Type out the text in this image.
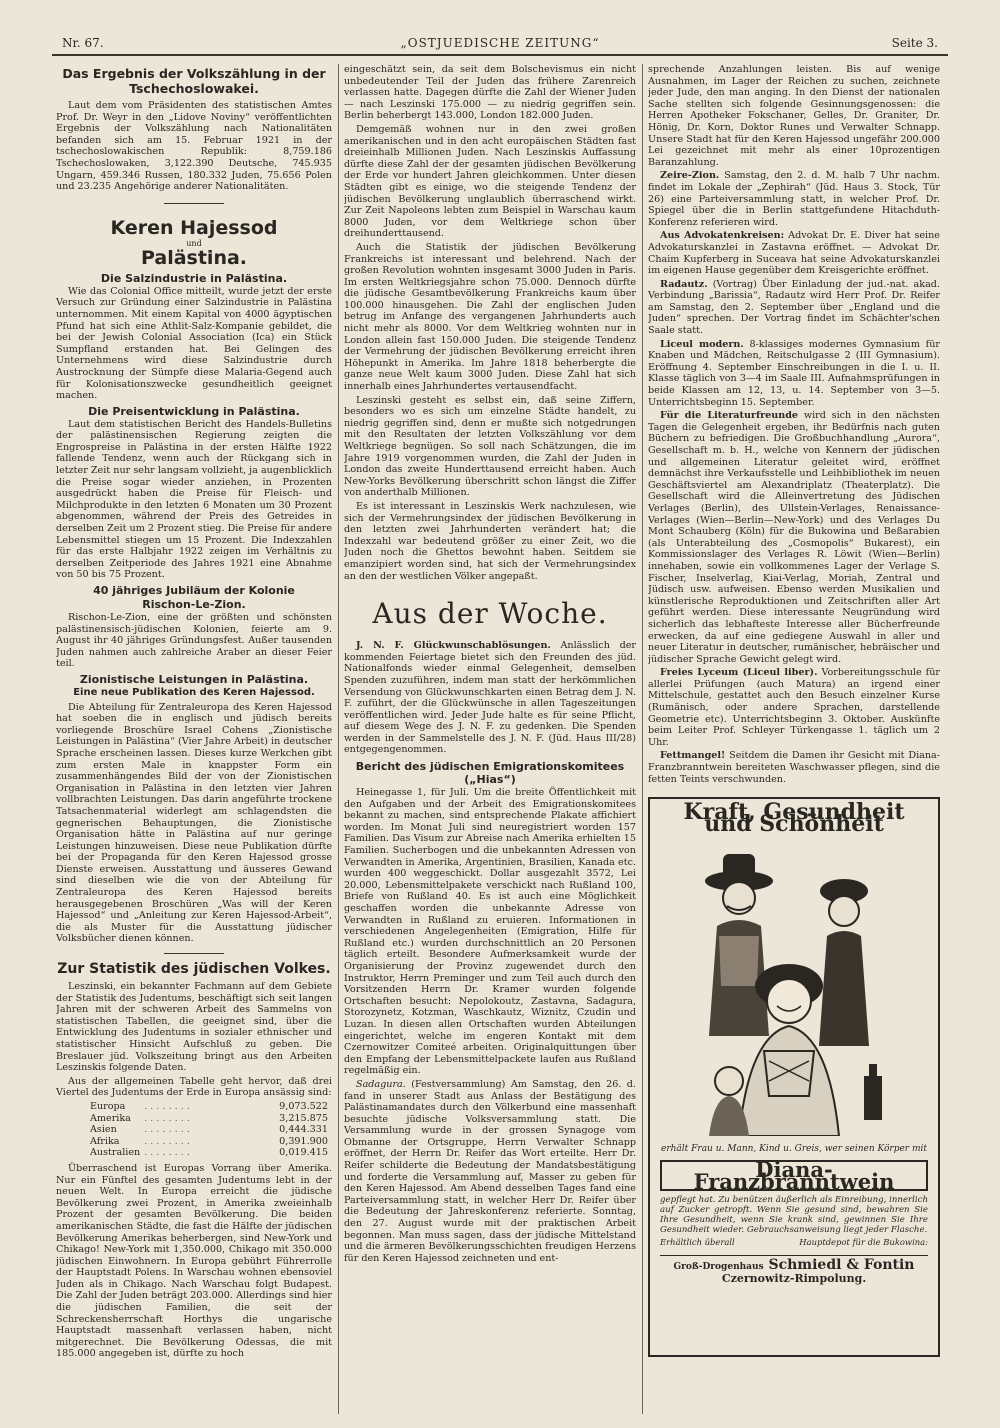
Nr. 67.	„OSTJUEDISCHE ZEITUNG“	Seite 3.
Das Ergebnis der Volkszählung in der Tschechoslowakei.

Laut dem vom Präsidenten des statistischen Amtes Prof. Dr. Weyr in den „Lidove Noviny“ veröffentlichten Ergebnis der Volkszählung nach Nationalitäten befanden sich am 15. Februar 1921 in der tschechoslowakischen Republik: 8,759.186 Tschechoslowaken, 3,122.390 Deutsche, 745.935 Ungarn, 459.346 Russen, 180.332 Juden, 75.656 Polen und 23.235 Angehörige anderer Nationalitäten.

Keren Hajessod
und
Palästina.
Die Salzindustrie in Palästina.

Wie das Colonial Office mitteilt, wurde jetzt der erste Versuch zur Gründung einer Salzindustrie in Palästina unternommen. Mit einem Kapital von 4000 ägyptischen Pfund hat sich eine Athlit-Salz-Kompanie gebildet, die bei der Jewish Colonial Association (Ica) ein Stück Sumpfland erstanden hat. Bei Gelingen des Unternehmens wird diese Salzindustrie durch Austrocknung der Sümpfe diese Malaria-Gegend auch für Kolonisationszwecke gesundheitlich geeignet machen.

Die Preisentwicklung in Palästina.

Laut dem statistischen Bericht des Handels-Bulletins der palästinensischen Regierung zeigten die Engrospreise in Palästina in der ersten Hälfte 1922 fallende Tendenz, wenn auch der Rückgang sich in letzter Zeit nur sehr langsam vollzieht, ja augenblicklich die Preise sogar wieder anziehen, in Prozenten ausgedrückt haben die Preise für Fleisch- und Milchprodukte in den letzten 6 Monaten um 30 Prozent abgenommen, während der Preis des Getreides in derselben Zeit um 2 Prozent stieg. Die Preise für andere Lebensmittel stiegen um 15 Prozent. Die Indexzahlen für das erste Halbjahr 1922 zeigen im Verhältnis zu derselben Zeitperiode des Jahres 1921 eine Abnahme von 50 bis 75 Prozent.

40 jähriges Jubiläum der Kolonie
Rischon-Le-Zion.

Rischon-Le-Zion, eine der größten und schönsten palästinensisch-jüdischen Kolonien, feierte am 9. August ihr 40 jähriges Gründungsfest. Außer tausenden Juden nahmen auch zahlreiche Araber an dieser Feier teil.

Zionistische Leistungen in Palästina.
Eine neue Publikation des Keren Hajessod.

Die Abteilung für Zentraleuropa des Keren Hajessod hat soeben die in englisch und jüdisch bereits vorliegende Broschüre Israel Cohens „Zionistische Leistungen in Palästina“ (Vier Jahre Arbeit) in deutscher Sprache erscheinen lassen. Dieses kurze Werkchen gibt zum ersten Male in knappster Form ein zusammenhängendes Bild der von der Zionistischen Organisation in Palästina in den letzten vier Jahren vollbrachten Leistungen. Das darin angeführte trockene Tatsachenmaterial widerlegt am schlagendsten die gegnerischen Behauptungen, die Zionistische Organisation hätte in Palästina auf nur geringe Leistungen hinzuweisen. Diese neue Publikation dürfte bei der Propaganda für den Keren Hajessod grosse Dienste erweisen. Ausstattung und äusseres Gewand sind dieselben wie die von der Abteilung für Zentraleuropa des Keren Hajessod bereits herausgegebenen Broschüren „Was will der Keren Hajessod“ und „Anleitung zur Keren Hajessod-Arbeit“, die als Muster für die Ausstattung jüdischer Volksbücher dienen können.

Zur Statistik des jüdischen Volkes.

Leszinski, ein bekannter Fachmann auf dem Gebiete der Statistik des Judentums, beschäftigt sich seit langen Jahren mit der schweren Arbeit des Sammelns von statistischen Tabellen, die geeignet sind, über die Entwicklung des Judentums in sozialer ethnischer und statistischer Hinsicht Aufschluß zu geben. Die Breslauer jüd. Volkszeitung bringt aus den Arbeiten Leszinskis folgende Daten.

Aus der allgemeinen Tabelle geht hervor, daß drei Viertel des Judentums der Erde in Europa ansässig sind:

Europa	. . . . . . . .	9,073.522
Amerika	. . . . . . . .	3,215.875
Asien	. . . . . . . .	0,444.331
Afrika	. . . . . . . .	0,391.900
Australien	. . . . . . . .	0,019.415

Überraschend ist Europas Vorrang über Amerika. Nur ein Fünftel des gesamten Judentums lebt in der neuen Welt. In Europa erreicht die jüdische Bevölkerung zwei Prozent, in Amerika zweieinhalb Prozent der gesamten Bevölkerung. Die beiden amerikanischen Städte, die fast die Hälfte der jüdischen Bevölkerung Amerikas beherbergen, sind New-York und Chikago! New-York mit 1,350.000, Chikago mit 350.000 jüdischen Einwohnern. In Europa gebührt Führerrolle der Hauptstadt Polens. In Warschau wohnen ebensoviel Juden als in Chikago. Nach Warschau folgt Budapest. Die Zahl der Juden beträgt 203.000. Allerdings sind hier die jüdischen Familien, die seit der Schreckensherrschaft Horthys die ungarische Hauptstadt massenhaft verlassen haben, nicht mitgerechnet. Die Bevölkerung Odessas, die mit 185.000 angegeben ist, dürfte zu hoch

eingeschätzt sein, da seit dem Bolschevismus ein nicht unbedeutender Teil der Juden das frühere Zarenreich verlassen hatte. Dagegen dürfte die Zahl der Wiener Juden — nach Leszinski 175.000 — zu niedrig gegriffen sein. Berlin beherbergt 143.000, London 182.000 Juden.

Demgemäß wohnen nur in den zwei großen amerikanischen und in den acht europäischen Städten fast dreieinhalb Millionen Juden. Nach Leszinskis Auffassung dürfte diese Zahl der der gesamten jüdischen Bevölkerung der Erde vor hundert Jahren gleichkommen. Unter diesen Städten gibt es einige, wo die steigende Tendenz der jüdischen Bevölkerung unglaublich überraschend wirkt. Zur Zeit Napoleons lebten zum Beispiel in Warschau kaum 8000 Juden, vor dem Weltkriege schon über dreihunderttausend.

Auch die Statistik der jüdischen Bevölkerung Frankreichs ist interessant und belehrend. Nach der großen Revolution wohnten insgesamt 3000 Juden in Paris. Im ersten Weltkriegsjahre schon 75.000. Dennoch dürfte die jüdische Gesamtbevölkerung Frankreichs kaum über 100.000 hinausgehen. Die Zahl der englischen Juden betrug im Anfange des vergangenen Jahrhunderts auch nicht mehr als 8000. Vor dem Weltkrieg wohnten nur in London allein fast 150.000 Juden. Die steigende Tendenz der Vermehrung der jüdischen Bevölkerung erreicht ihren Höhepunkt in Amerika. Im Jahre 1818 beherbergte die ganze neue Welt kaum 3000 Juden. Diese Zahl hat sich innerhalb eines Jahrhundertes vertausendfacht.

Leszinski gesteht es selbst ein, daß seine Ziffern, besonders wo es sich um einzelne Städte handelt, zu niedrig gegriffen sind, denn er mußte sich notgedrungen mit den Resultaten der letzten Volkszählung vor dem Weltkriege begnügen. So soll nach Schätzungen, die im Jahre 1919 vorgenommen wurden, die Zahl der Juden in London das zweite Hunderttausend erreicht haben. Auch New-Yorks Bevölkerung überschritt schon längst die Ziffer von anderthalb Millionen.

Es ist interessant in Leszinskis Werk nachzulesen, wie sich der Vermehrungsindex der jüdischen Bevölkerung in den letzten zwei Jahrhunderten verändert hat; die Indexzahl war bedeutend größer zu einer Zeit, wo die Juden noch die Ghettos bewohnt haben. Seitdem sie emanzipiert worden sind, hat sich der Vermehrungsindex an den der westlichen Völker angepaßt.

Aus der Woche.

J. N. F. Glückwunschablösungen. Anlässlich der kommenden Feiertage bietet sich den Freunden des jüd. Nationalfonds wieder einmal Gelegenheit, demselben Spenden zuzuführen, indem man statt der herkömmlichen Versendung von Glückwunschkarten einen Betrag dem J. N. F. zuführt, der die Glückwünsche in allen Tageszeitungen veröffentlichen wird. Jeder Jude halte es für seine Pflicht, auf diesem Wege des J. N. F. zu gedenken. Die Spenden werden in der Sammelstelle des J. N. F. (Jüd. Haus III/28) entgegengenommen.

Bericht des jüdischen Emigrationskomitees („Hias“)

Heinegasse 1, für Juli. Um die breite Öffentlichkeit mit den Aufgaben und der Arbeit des Emigrationskomitees bekannt zu machen, sind entsprechende Plakate affichiert worden. Im Monat Juli sind neuregistriert worden 157 Familien. Das Visum zur Abreise nach Amerika erhielten 15 Familien. Sucherbogen und die unbekannten Adressen von Verwandten in Amerika, Argentinien, Brasilien, Kanada etc. wurden 400 weggeschickt. Dollar ausgezahlt 3572, Lei 20.000, Lebensmittelpakete verschickt nach Rußland 100, Briefe von Rußland 40. Es ist auch eine Möglichkeit geschaffen worden die unbekannte Adresse von Verwandten in Rußland zu eruieren. Informationen in verschiedenen Angelegenheiten (Emigration, Hilfe für Rußland etc.) wurden durchschnittlich an 20 Personen täglich erteilt. Besondere Aufmerksamkeit wurde der Organisierung der Provinz zugewendet durch den Instruktor, Herrn Preminger und zum Teil auch durch den Vorsitzenden Herrn Dr. Kramer wurden folgende Ortschaften besucht: Nepolokoutz, Zastavna, Sadagura, Storozynetz, Kotzman, Waschkautz, Wiznitz, Czudin und Luzan. In diesen allen Ortschaften wurden Abteilungen eingerichtet, welche im engeren Kontakt mit dem Czernowitzer Comiteé arbeiten. Originalquittungen über den Empfang der Lebensmittelpackete laufen aus Rußland regelmäßig ein.

Sadagura. (Festversammlung) Am Samstag, den 26. d. fand in unserer Stadt aus Anlass der Bestätigung des Palästinamandates durch den Völkerbund eine massenhaft besuchte jüdische Volksversammlung statt. Die Versammlung wurde in der grossen Synagoge vom Obmanne der Ortsgruppe, Herrn Verwalter Schnapp eröffnet, der Herrn Dr. Reifer das Wort erteilte. Herr Dr. Reifer schilderte die Bedeutung der Mandatsbestätigung und forderte die Versammlung auf, Masser zu geben für den Keren Hajessod. Am Abend desselben Tages fand eine Parteiversammlung statt, in welcher Herr Dr. Reifer über die Bedeutung der Jahreskonferenz referierte. Sonntag, den 27. August wurde mit der praktischen Arbeit begonnen. Man muss sagen, dass der jüdische Mittelstand und die ärmeren Bevölkerungsschichten freudigen Herzens für den Keren Hajessod zeichneten und ent-

sprechende Anzahlungen leisten. Bis auf wenige Ausnahmen, im Lager der Reichen zu suchen, zeichnete jeder Jude, den man anging. In den Dienst der nationalen Sache stellten sich folgende Gesinnungsgenossen: die Herren Apotheker Fokschaner, Gelles, Dr. Graniter, Dr. Hönig, Dr. Korn, Doktor Runes und Verwalter Schnapp. Unsere Stadt hat für den Keren Hajessod ungefähr 200.000 Lei gezeichnet mit mehr als einer 10prozentigen Baranzahlung.

Zeire-Zion. Samstag, den 2. d. M. halb 7 Uhr nachm. findet im Lokale der „Zephirah“ (Jüd. Haus 3. Stock, Tür 26) eine Parteiversammlung statt, in welcher Prof. Dr. Spiegel über die in Berlin stattgefundene Hitachduth-Konferenz referieren wird.

Aus Advokatenkreisen: Advokat Dr. E. Diver hat seine Advokaturskanzlei in Zastavna eröffnet. — Advokat Dr. Chaim Kupferberg in Suceava hat seine Advokaturskanzlei im eigenen Hause gegenüber dem Kreisgerichte eröffnet.

Radautz. (Vortrag) Über Einladung der jud.-nat. akad. Verbindung „Barissia“, Radautz wird Herr Prof. Dr. Reifer am Samstag, den 2. September über „England und die Juden“ sprechen. Der Vortrag findet im Schächter'schen Saale statt.

Liceul modern. 8-klassiges modernes Gymnasium für Knaben und Mädchen, Reitschulgasse 2 (III Gymnasium). Eröffnung 4. September Einschreibungen in die I. u. II. Klasse täglich von 3—4 im Saale III. Aufnahmsprüfungen in beide Klassen am 12, 13, u. 14. September von 3—5. Unterrichtsbeginn 15. September.

Für die Literaturfreunde wird sich in den nächsten Tagen die Gelegenheit ergeben, ihr Bedürfnis nach guten Büchern zu befriedigen. Die Großbuchhandlung „Aurora“, Gesellschaft m. b. H., welche von Kennern der jüdischen und allgemeinen Literatur geleitet wird, eröffnet demnächst ihre Verkaufsstelle und Leihbibliothek im neuen Geschäftsviertel am Alexandriplatz (Theaterplatz). Die Gesellschaft wird die Alleinvertretung des Jüdischen Verlages (Berlin), des Ullstein-Verlages, Renaissance-Verlages (Wien—Berlin—New-York) und des Verlages Du Mont Schauberg (Köln) für die Bukowina und Beßarabien (als Unterabteilung des „Cosmopolis“ Bukarest), ein Kommissionslager des Verlages R. Löwit (Wien—Berlin) innehaben, sowie ein vollkommenes Lager der Verlage S. Fischer, Inselverlag, Kiai-Verlag, Moriah, Zentral und Jüdisch usw. aufweisen. Ebenso werden Musikalien und künstlerische Reproduktionen und Zeitschriften aller Art geführt werden. Diese interessante Neugründung wird sicherlich das lebhafteste Interesse aller Bücherfreunde erwecken, da auf eine gediegene Auswahl in aller und neuer Literatur in deutscher, rumänischer, hebräischer und jüdischer Sprache Gewicht gelegt wird.

Freies Lyceum (Liceul liber). Vorbereitungsschule für allerlei Prüfungen (auch Matura) an irgend einer Mittelschule, gestattet auch den Besuch einzelner Kurse (Rumänisch, oder andere Sprachen, darstellende Geometrie etc). Unterrichtsbeginn 3. Oktober. Auskünfte beim Leiter Prof. Schleyer Türkengasse 1. täglich um 2 Uhr.

Fettmangel! Seitdem die Damen ihr Gesicht mit Diana-Franzbranntwein bereiteten Waschwasser pflegen, sind die fetten Teints verschwunden.

Kraft, Gesundheit und Schönheit
erhält Frau u. Mann, Kind u. Greis, wer seinen Körper mit
Diana-Franzbranntwein
gepflegt hat. Zu benützen äußerlich als Einreibung, innerlich auf Zucker getropft. Wenn Sie gesund sind, bewahren Sie Ihre Gesundheit, wenn Sie krank sind, gewinnen Sie Ihre Gesundheit wieder. Gebrauchsanweisung liegt jeder Flasche.
Erhältlich überall	Hauptdepot für die Bukowina:
Groß-Drogenhaus Schmiedl & Fontin
Czernowitz-Rimpolung.
